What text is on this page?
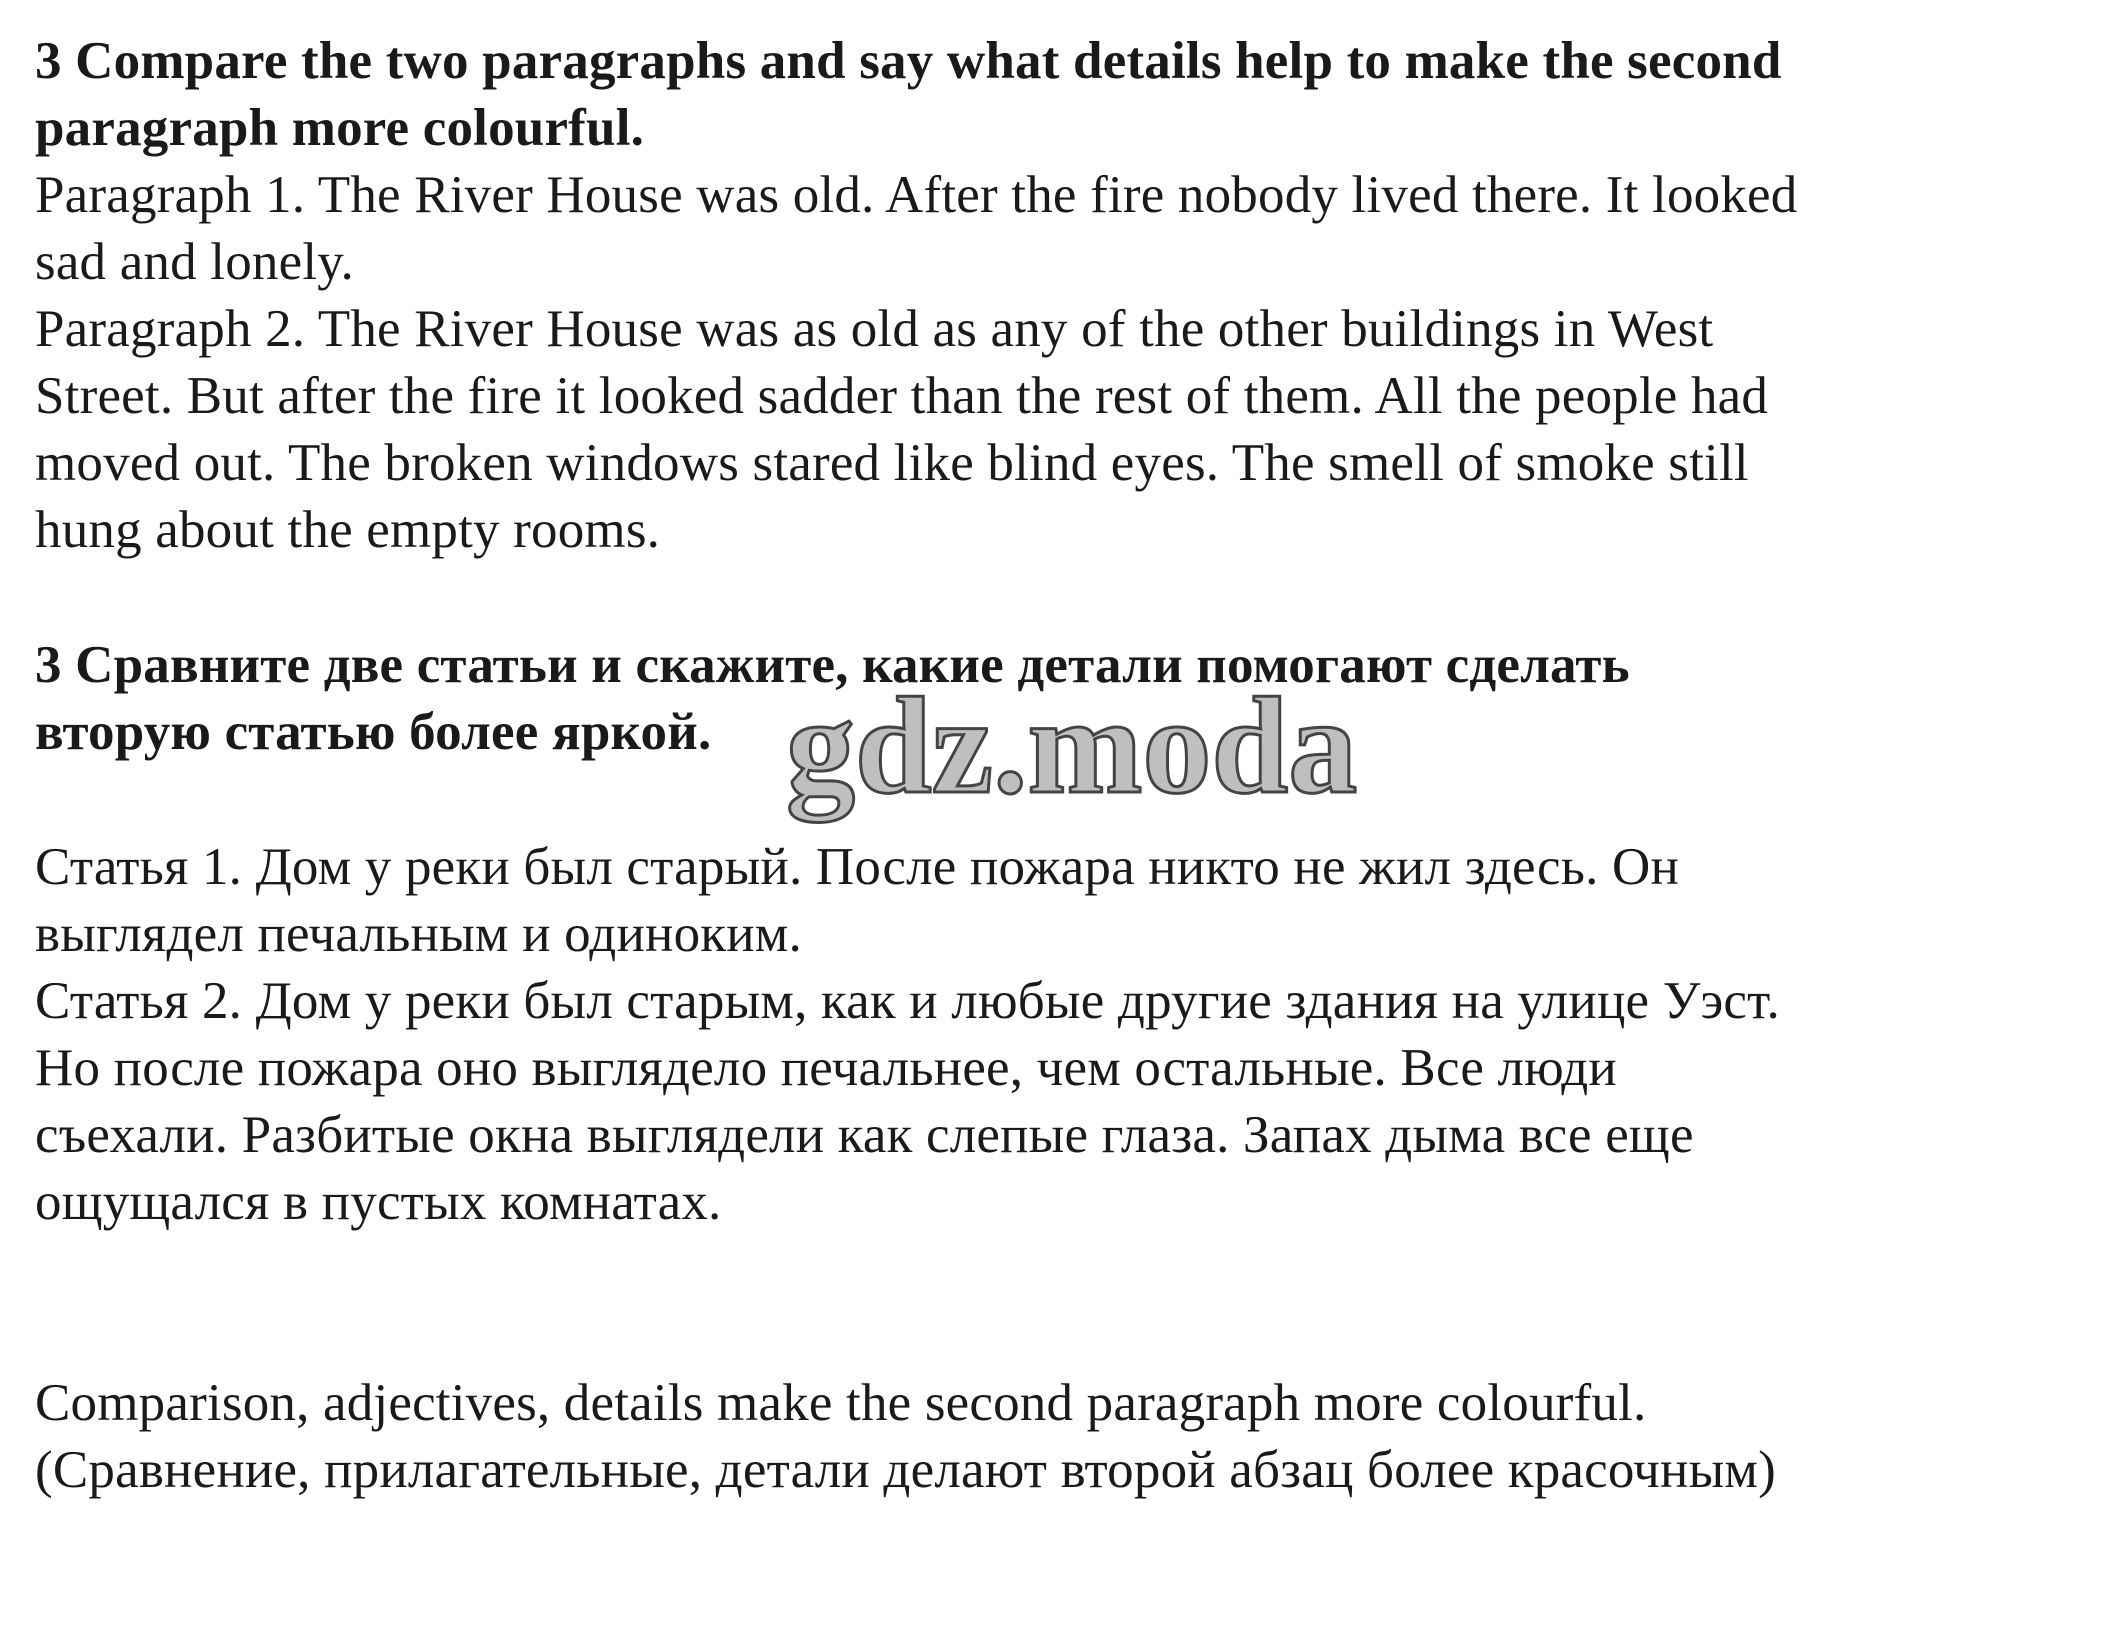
3 Compare the two paragraphs and say what details help to make the second
paragraph more colourful.
Paragraph 1. The River House was old. After the fire nobody lived there. It looked
sad and lonely.
Paragraph 2. The River House was as old as any of the other buildings in West
Street. But after the fire it looked sadder than the rest of them. All the people had
moved out. The broken windows stared like blind eyes. The smell of smoke still
hung about the empty rooms.
3 Сравните две статьи и скажите, какие детали помогают сделать
вторую статью более яркой. gdz.moda
Статья 1. Дом у реки был старый. После пожара никто не жил здесь. Он
выглядел печальным и одиноким.
Статья 2. Дом у реки был старым, как и любые другие здания на улице Уэст.
Но после пожара оно выглядело печальнее, чем остальные. Все люди
съехали. Разбитые окна выглядели как слепые глаза. Запах дыма все еще
ощущался в пустых комнатах.
Comparison, adjectives, details make the second paragraph more colourful.
(Сравнение, прилагательные, детали делают второй абзац более красочным)
